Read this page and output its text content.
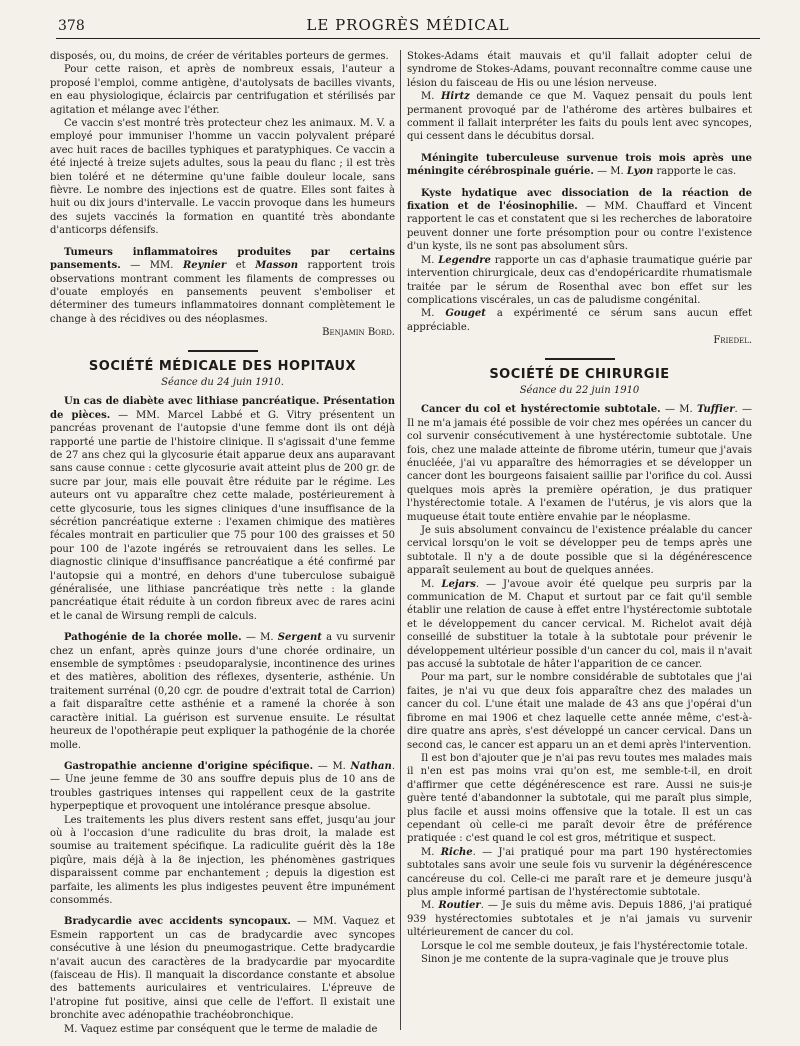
378	LE PROGRÈS MÉDICAL

disposés, ou, du moins, de créer de véritables porteurs de germes.

Pour cette raison, et après de nombreux essais, l'auteur a proposé l'emploi, comme antigène, d'autolysats de bacilles vivants, en eau physiologique, éclaircis par centrifugation et stérilisés par agitation et mélange avec l'éther.

Ce vaccin s'est montré très protecteur chez les animaux. M. V. a employé pour immuniser l'homme un vaccin polyvalent préparé avec huit races de bacilles typhiques et paratyphiques. Ce vaccin a été injecté à treize sujets adultes, sous la peau du flanc ; il est très bien toléré et ne détermine qu'une faible douleur locale, sans fièvre. Le nombre des injections est de quatre. Elles sont faites à huit ou dix jours d'intervalle. Le vaccin provoque dans les humeurs des sujets vaccinés la formation en quantité très abondante d'anticorps défensifs.

Tumeurs inflammatoires produites par certains pansements. — MM. Reynier et Masson rapportent trois observations montrant comment les filaments de compresses ou d'ouate employés en pansements peuvent s'emboliser et déterminer des tumeurs inflammatoires donnant complètement le change à des récidives ou des néoplasmes.

Benjamin Bord.

SOCIÉTÉ MÉDICALE DES HOPITAUX
Séance du 24 juin 1910.

Un cas de diabète avec lithiase pancréatique. Présentation de pièces. — MM. Marcel Labbé et G. Vitry présentent un pancréas provenant de l'autopsie d'une femme dont ils ont déjà rapporté une partie de l'histoire clinique. Il s'agissait d'une femme de 27 ans chez qui la glycosurie était apparue deux ans auparavant sans cause connue : cette glycosurie avait atteint plus de 200 gr. de sucre par jour, mais elle pouvait être réduite par le régime. Les auteurs ont vu apparaître chez cette malade, postérieurement à cette glycosurie, tous les signes cliniques d'une insuffisance de la sécrétion pancréatique externe : l'examen chimique des matières fécales montrait en particulier que 75 pour 100 des graisses et 50 pour 100 de l'azote ingérés se retrouvaient dans les selles. Le diagnostic clinique d'insuffisance pancréatique a été confirmé par l'autopsie qui a montré, en dehors d'une tuberculose subaiguë généralisée, une lithiase pancréatique très nette : la glande pancréatique était réduite à un cordon fibreux avec de rares acini et le canal de Wirsung rempli de calculs.

Pathogénie de la chorée molle. — M. Sergent a vu survenir chez un enfant, après quinze jours d'une chorée ordinaire, un ensemble de symptômes : pseudoparalysie, incontinence des urines et des matières, abolition des réflexes, dysenterie, asthénie. Un traitement surrénal (0,20 cgr. de poudre d'extrait total de Carrion) a fait disparaître cette asthénie et a ramené la chorée à son caractère initial. La guérison est survenue ensuite. Le résultat heureux de l'opothérapie peut expliquer la pathogénie de la chorée molle.

Gastropathie ancienne d'origine spécifique. — M. Nathan. — Une jeune femme de 30 ans souffre depuis plus de 10 ans de troubles gastriques intenses qui rappellent ceux de la gastrite hyperpeptique et provoquent une intolérance presque absolue.

Les traitements les plus divers restent sans effet, jusqu'au jour où à l'occasion d'une radiculite du bras droit, la malade est soumise au traitement spécifique. La radiculite guérit dès la 18e piqûre, mais déjà à la 8e injection, les phénomènes gastriques disparaissent comme par enchantement ; depuis la digestion est parfaite, les aliments les plus indigestes peuvent être impunément consommés.

Bradycardie avec accidents syncopaux. — MM. Vaquez et Esmein rapportent un cas de bradycardie avec syncopes consécutive à une lésion du pneumogastrique. Cette bradycardie n'avait aucun des caractères de la bradycardie par myocardite (faisceau de His). Il manquait la discordance constante et absolue des battements auriculaires et ventriculaires. L'épreuve de l'atropine fut positive, ainsi que celle de l'effort. Il existait une bronchite avec adénopathie trachéobronchique.

M. Vaquez estime par conséquent que le terme de maladie de

Stokes-Adams était mauvais et qu'il fallait adopter celui de syndrome de Stokes-Adams, pouvant reconnaître comme cause une lésion du faisceau de His ou une lésion nerveuse.

M. Hirtz demande ce que M. Vaquez pensait du pouls lent permanent provoqué par de l'athérome des artères bulbaires et comment il fallait interpréter les faits du pouls lent avec syncopes, qui cessent dans le décubitus dorsal.

Méningite tuberculeuse survenue trois mois après une méningite cérébrospinale guérie. — M. Lyon rapporte le cas.

Kyste hydatique avec dissociation de la réaction de fixation et de l'éosinophilie. — MM. Chauffard et Vincent rapportent le cas et constatent que si les recherches de laboratoire peuvent donner une forte présomption pour ou contre l'existence d'un kyste, ils ne sont pas absolument sûrs.

M. Legendre rapporte un cas d'aphasie traumatique guérie par intervention chirurgicale, deux cas d'endopéricardite rhumatismale traitée par le sérum de Rosenthal avec bon effet sur les complications viscérales, un cas de paludisme congénital.

M. Gouget a expérimenté ce sérum sans aucun effet appréciable.

Friedel.

SOCIÉTÉ DE CHIRURGIE
Séance du 22 juin 1910

Cancer du col et hystérectomie subtotale. — M. Tuffier. — Il ne m'a jamais été possible de voir chez mes opérées un cancer du col survenir consécutivement à une hystérectomie subtotale. Une fois, chez une malade atteinte de fibrome utérin, tumeur que j'avais énucléée, j'ai vu apparaître des hémorragies et se développer un cancer dont les bourgeons faisaient saillie par l'orifice du col. Aussi quelques mois après la première opération, je dus pratiquer l'hystérectomie totale. A l'examen de l'utérus, je vis alors que la muqueuse était toute entière envahie par le néoplasme.

Je suis absolument convaincu de l'existence préalable du cancer cervical lorsqu'on le voit se développer peu de temps après une subtotale. Il n'y a de doute possible que si la dégénérescence apparaît seulement au bout de quelques années.

M. Lejars. — J'avoue avoir été quelque peu surpris par la communication de M. Chaput et surtout par ce fait qu'il semble établir une relation de cause à effet entre l'hystérectomie subtotale et le développement du cancer cervical. M. Richelot avait déjà conseillé de substituer la totale à la subtotale pour prévenir le développement ultérieur possible d'un cancer du col, mais il n'avait pas accusé la subtotale de hâter l'apparition de ce cancer.

Pour ma part, sur le nombre considérable de subtotales que j'ai faites, je n'ai vu que deux fois apparaître chez des malades un cancer du col. L'une était une malade de 43 ans que j'opérai d'un fibrome en mai 1906 et chez laquelle cette année même, c'est-à-dire quatre ans après, s'est développé un cancer cervical. Dans un second cas, le cancer est apparu un an et demi après l'intervention.

Il est bon d'ajouter que je n'ai pas revu toutes mes malades mais il n'en est pas moins vrai qu'on est, me semble-t-il, en droit d'affirmer que cette dégénérescence est rare. Aussi ne suis-je guère tenté d'abandonner la subtotale, qui me paraît plus simple, plus facile et aussi moins offensive que la totale. Il est un cas cependant où celle-ci me paraît devoir être de préférence pratiquée : c'est quand le col est gros, métritique et suspect.

M. Riche. — J'ai pratiqué pour ma part 190 hystérectomies subtotales sans avoir une seule fois vu survenir la dégénérescence cancéreuse du col. Celle-ci me paraît rare et je demeure jusqu'à plus ample informé partisan de l'hystérectomie subtotale.

M. Routier. — Je suis du même avis. Depuis 1886, j'ai pratiqué 939 hystérectomies subtotales et je n'ai jamais vu survenir ultérieurement de cancer du col.

Lorsque le col me semble douteux, je fais l'hystérectomie totale.

Sinon je me contente de la supra-vaginale que je trouve plus
